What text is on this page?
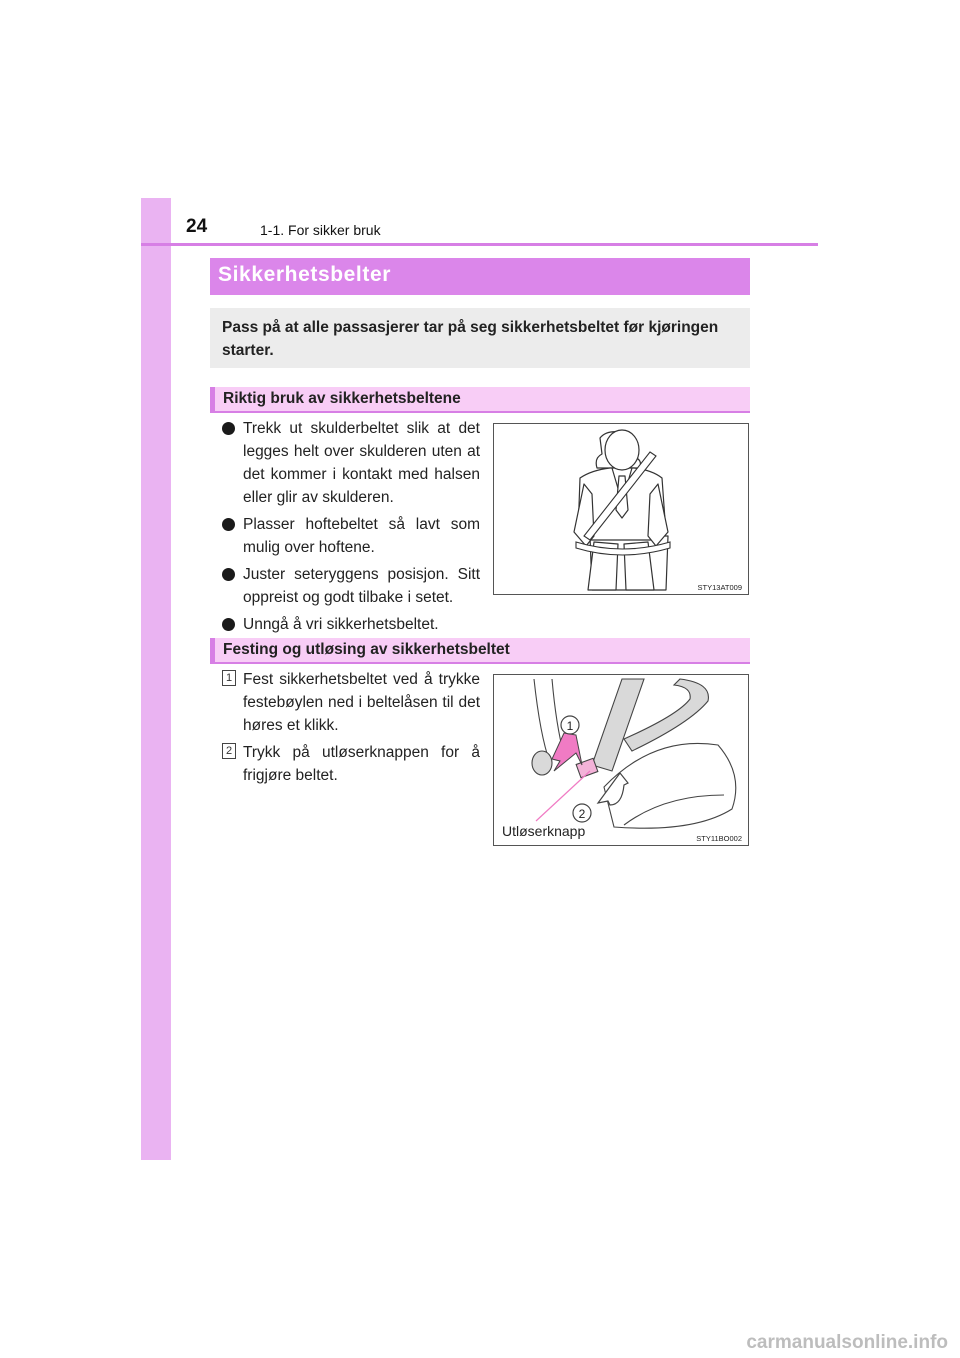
24	1-1. For sikker bruk
Sikkerhetsbelter

Pass på at alle passasjerer tar på seg sikkerhetsbeltet før kjøringen starter.

Riktig bruk av sikkerhetsbeltene
Trekk ut skulderbeltet slik at det legges helt over skulderen uten at det kommer i kontakt med halsen eller glir av skulderen.
Plasser hoftebeltet så lavt som mulig over hoftene.
Juster seteryggens posisjon. Sitt oppreist og godt tilbake i setet.
Unngå å vri sikkerhetsbeltet.
STY13AT009
Festing og utløsing av sikkerhetsbeltet
1 Fest sikkerhetsbeltet ved å trykke festebøylen ned i beltelåsen til det høres et klikk.
2 Trykk på utløserknappen for å frigjøre beltet.
1
2
Utløserknapp	STY11BO002
carmanualsonline.info
